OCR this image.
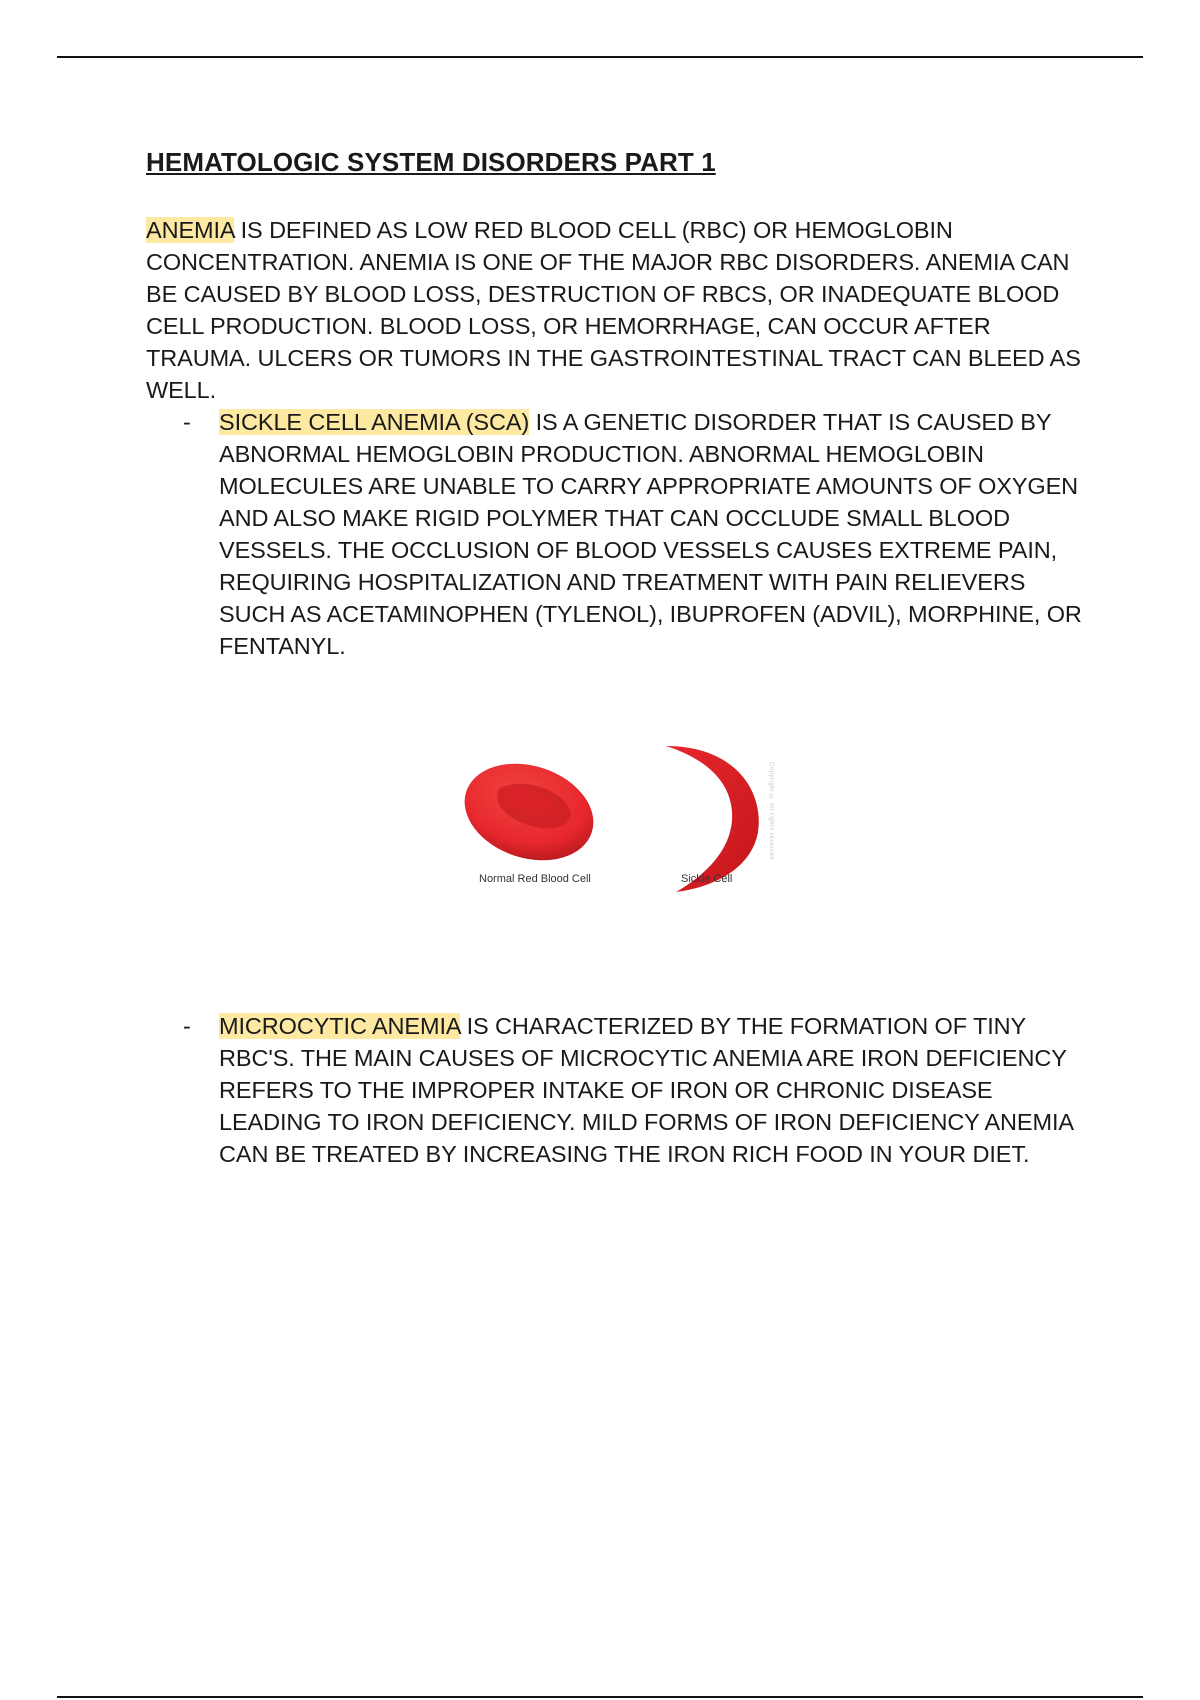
HEMATOLOGIC SYSTEM DISORDERS PART 1
ANEMIA IS DEFINED AS LOW RED BLOOD CELL (RBC) OR HEMOGLOBIN CONCENTRATION. ANEMIA IS ONE OF THE MAJOR RBC DISORDERS. ANEMIA CAN BE CAUSED BY BLOOD LOSS, DESTRUCTION OF RBCS, OR INADEQUATE BLOOD CELL PRODUCTION. BLOOD LOSS, OR HEMORRHAGE, CAN OCCUR AFTER TRAUMA. ULCERS OR TUMORS IN THE GASTROINTESTINAL TRACT CAN BLEED AS WELL.
- SICKLE CELL ANEMIA (SCA) IS A GENETIC DISORDER THAT IS CAUSED BY ABNORMAL HEMOGLOBIN PRODUCTION. ABNORMAL HEMOGLOBIN MOLECULES ARE UNABLE TO CARRY APPROPRIATE AMOUNTS OF OXYGEN AND ALSO MAKE RIGID POLYMER THAT CAN OCCLUDE SMALL BLOOD VESSELS. THE OCCLUSION OF BLOOD VESSELS CAUSES EXTREME PAIN, REQUIRING HOSPITALIZATION AND TREATMENT WITH PAIN RELIEVERS SUCH AS ACETAMINOPHEN (TYLENOL), IBUPROFEN (ADVIL), MORPHINE, OR FENTANYL.
Normal Red Blood Cell	Sickle Cell
Copyright © All rights reserved
- MICROCYTIC ANEMIA IS CHARACTERIZED BY THE FORMATION OF TINY RBC'S. THE MAIN CAUSES OF MICROCYTIC ANEMIA ARE IRON DEFICIENCY REFERS TO THE IMPROPER INTAKE OF IRON OR CHRONIC DISEASE LEADING TO IRON DEFICIENCY. MILD FORMS OF IRON DEFICIENCY ANEMIA CAN BE TREATED BY INCREASING THE IRON RICH FOOD IN YOUR DIET.
